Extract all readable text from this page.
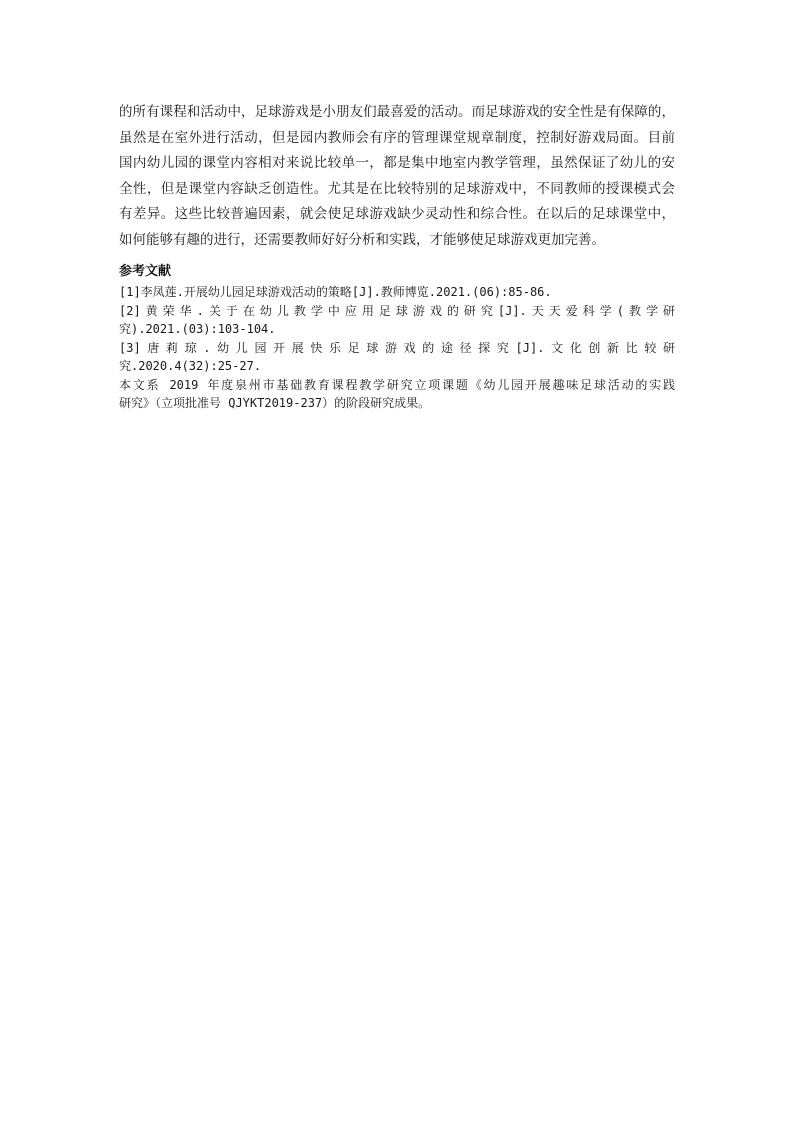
的所有课程和活动中，足球游戏是小朋友们最喜爱的活动。而足球游戏的安全性是有保障的，
虽然是在室外进行活动，但是园内教师会有序的管理课堂规章制度，控制好游戏局面。目前
国内幼儿园的课堂内容相对来说比较单一，都是集中地室内教学管理，虽然保证了幼儿的安
全性，但是课堂内容缺乏创造性。尤其是在比较特别的足球游戏中，不同教师的授课模式会
有差异。这些比较普遍因素，就会使足球游戏缺少灵动性和综合性。在以后的足球课堂中，
如何能够有趣的进行，还需要教师好好分析和实践，才能够使足球游戏更加完善。
参考文献
[1]李凤莲.开展幼儿园足球游戏活动的策略[J].教师博览.2021.(06):85-86.
[2]黄荣华.关于在幼儿教学中应用足球游戏的研究[J].天天爱科学(教学研
究).2021.(03):103-104.
[3]唐莉琼.幼儿园开展快乐足球游戏的途径探究[J].文化创新比较研
究.2020.4(32):25-27.
本文系 2019 年度泉州市基础教育课程教学研究立项课题《幼儿园开展趣味足球活动的实践
研究》（立项批准号 QJYKT2019-237）的阶段研究成果。
